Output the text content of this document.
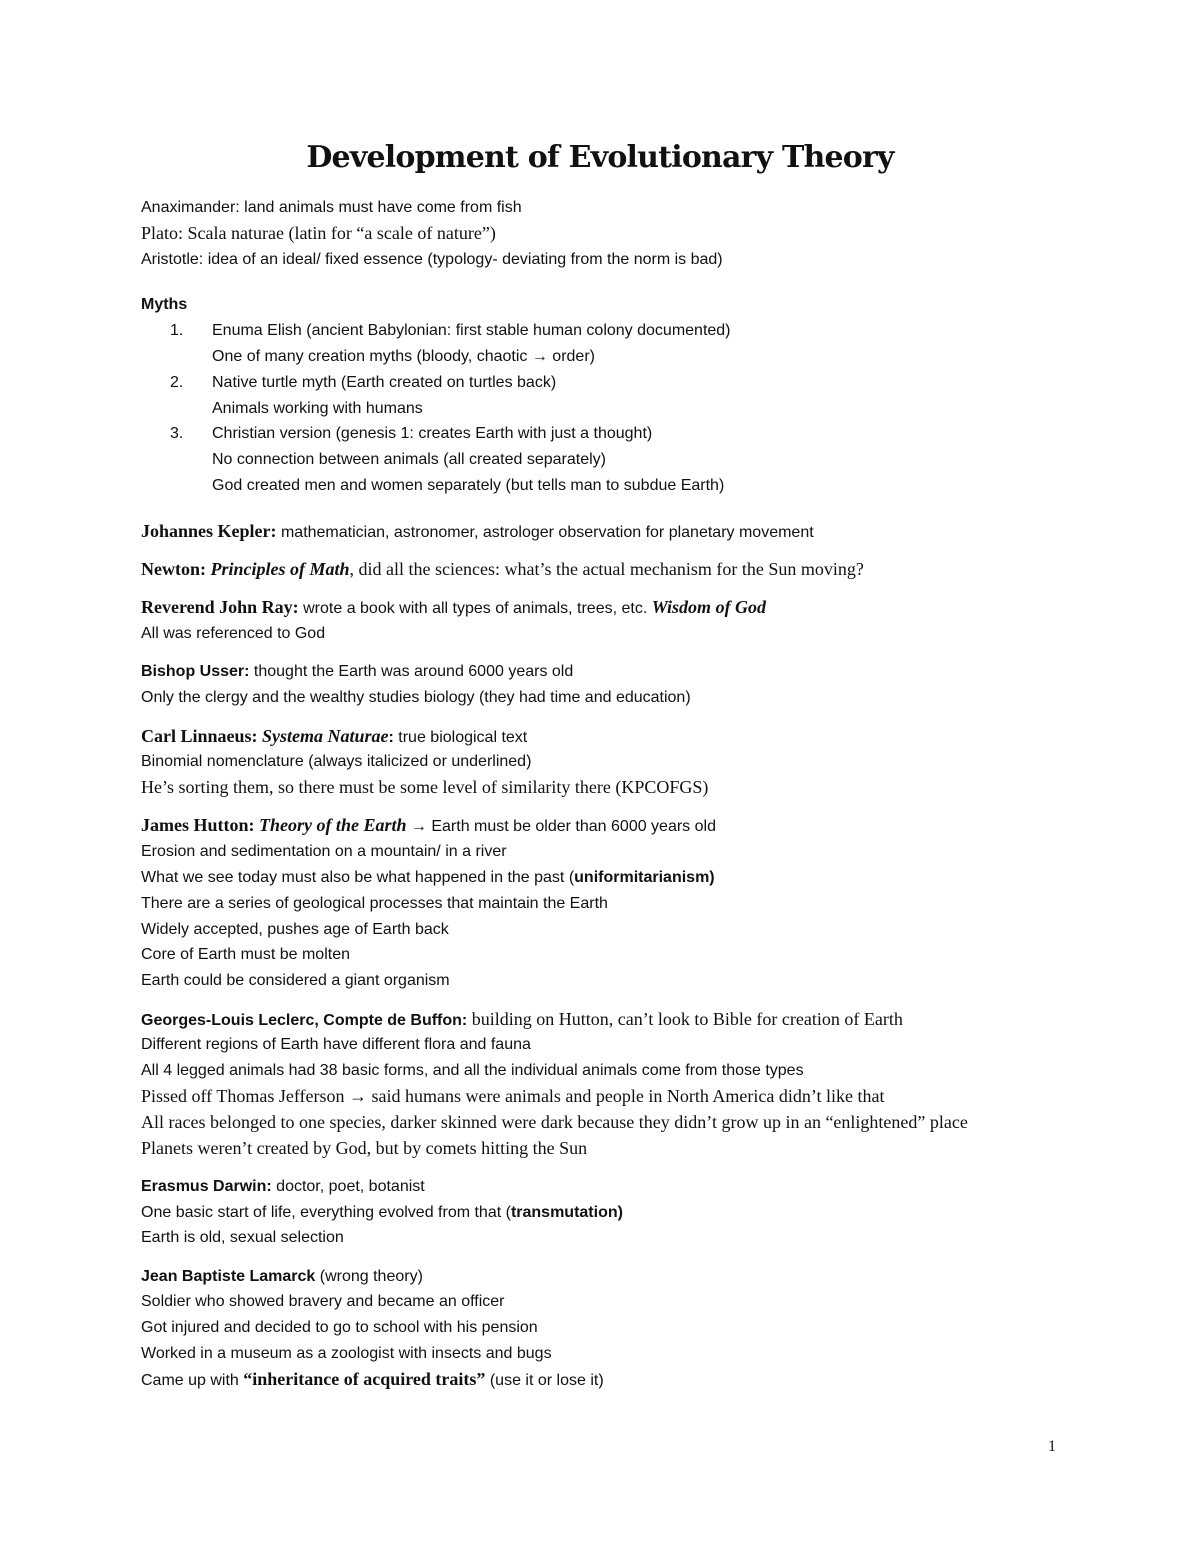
Development of Evolutionary Theory
Anaximander: land animals must have come from fish
Plato: Scala naturae (latin for “a scale of nature”)
Aristotle: idea of an ideal/ fixed essence (typology- deviating from the norm is bad)
Myths
1.	Enuma Elish (ancient Babylonian: first stable human colony documented)
One of many creation myths (bloody, chaotic → order)
2.	Native turtle myth (Earth created on turtles back)
Animals working with humans
3.	Christian version (genesis 1: creates Earth with just a thought)
No connection between animals (all created separately)
God created men and women separately (but tells man to subdue Earth)
Johannes Kepler: mathematician, astronomer, astrologer observation for planetary movement
Newton: Principles of Math, did all the sciences: what’s the actual mechanism for the Sun moving?
Reverend John Ray: wrote a book with all types of animals, trees, etc. Wisdom of God
All was referenced to God
Bishop Usser: thought the Earth was around 6000 years old
Only the clergy and the wealthy studies biology (they had time and education)
Carl Linnaeus: Systema Naturae: true biological text
Binomial nomenclature (always italicized or underlined)
He’s sorting them, so there must be some level of similarity there (KPCOFGS)
James Hutton: Theory of the Earth → Earth must be older than 6000 years old
Erosion and sedimentation on a mountain/ in a river
What we see today must also be what happened in the past (uniformitarianism)
There are a series of geological processes that maintain the Earth
Widely accepted, pushes age of Earth back
Core of Earth must be molten
Earth could be considered a giant organism
Georges-Louis Leclerc, Compte de Buffon: building on Hutton, can’t look to Bible for creation of Earth
Different regions of Earth have different flora and fauna
All 4 legged animals had 38 basic forms, and all the individual animals come from those types
Pissed off Thomas Jefferson → said humans were animals and people in North America didn’t like that
All races belonged to one species, darker skinned were dark because they didn’t grow up in an “enlightened” place
Planets weren’t created by God, but by comets hitting the Sun
Erasmus Darwin: doctor, poet, botanist
One basic start of life, everything evolved from that (transmutation)
Earth is old, sexual selection
Jean Baptiste Lamarck (wrong theory)
Soldier who showed bravery and became an officer
Got injured and decided to go to school with his pension
Worked in a museum as a zoologist with insects and bugs
Came up with “inheritance of acquired traits” (use it or lose it)
1
